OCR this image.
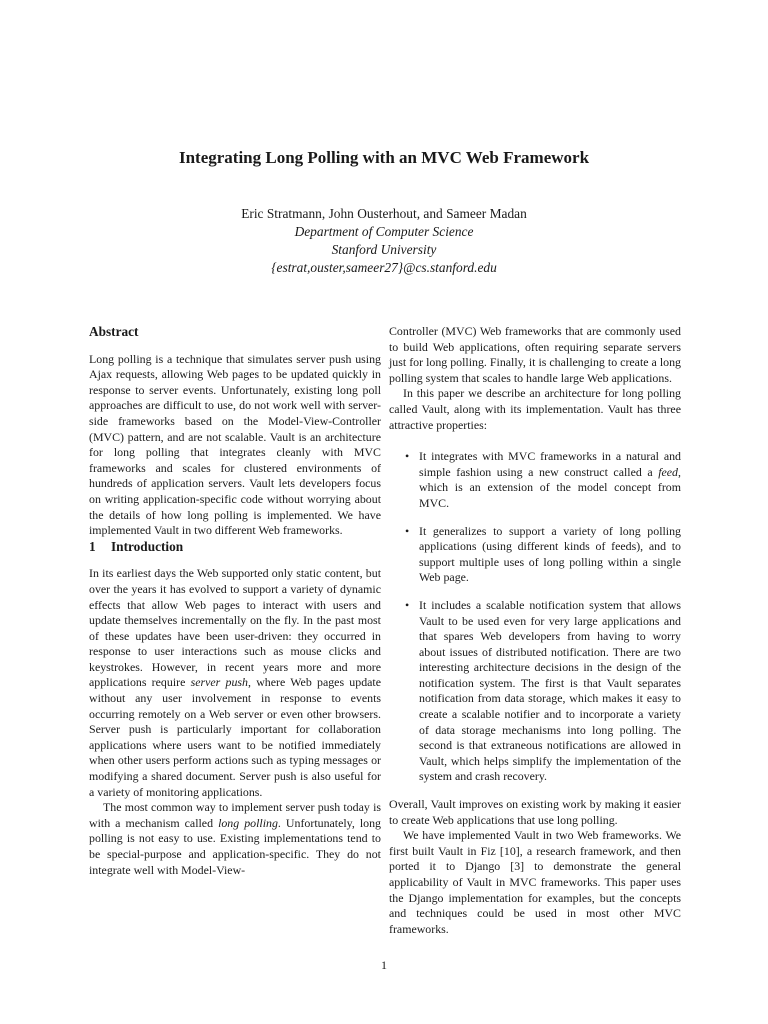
Integrating Long Polling with an MVC Web Framework
Eric Stratmann, John Ousterhout, and Sameer Madan
Department of Computer Science
Stanford University
{estrat,ouster,sameer27}@cs.stanford.edu
Abstract

Long polling is a technique that simulates server push using Ajax requests, allowing Web pages to be updated quickly in response to server events. Unfortunately, existing long poll approaches are difficult to use, do not work well with server-side frameworks based on the Model-View-Controller (MVC) pattern, and are not scalable. Vault is an architecture for long polling that integrates cleanly with MVC frameworks and scales for clustered environments of hundreds of application servers. Vault lets developers focus on writing application-specific code without worrying about the details of how long polling is implemented. We have implemented Vault in two different Web frameworks.

1 Introduction

In its earliest days the Web supported only static content, but over the years it has evolved to support a variety of dynamic effects that allow Web pages to interact with users and update themselves incrementally on the fly. In the past most of these updates have been user-driven: they occurred in response to user interactions such as mouse clicks and keystrokes. However, in recent years more and more applications require server push, where Web pages update without any user involvement in response to events occurring remotely on a Web server or even other browsers. Server push is particularly important for collaboration applications where users want to be notified immediately when other users perform actions such as typing messages or modifying a shared document. Server push is also useful for a variety of monitoring applications.

The most common way to implement server push today is with a mechanism called long polling. Unfortunately, long polling is not easy to use. Existing implementations tend to be special-purpose and application-specific. They do not integrate well with Model-View-

Controller (MVC) Web frameworks that are commonly used to build Web applications, often requiring separate servers just for long polling. Finally, it is challenging to create a long polling system that scales to handle large Web applications.

In this paper we describe an architecture for long polling called Vault, along with its implementation. Vault has three attractive properties:

• It integrates with MVC frameworks in a natural and simple fashion using a new construct called a feed, which is an extension of the model concept from MVC.
• It generalizes to support a variety of long polling applications (using different kinds of feeds), and to support multiple uses of long polling within a single Web page.
• It includes a scalable notification system that allows Vault to be used even for very large applications and that spares Web developers from having to worry about issues of distributed notification. There are two interesting architecture decisions in the design of the notification system. The first is that Vault separates notification from data storage, which makes it easy to create a scalable notifier and to incorporate a variety of data storage mechanisms into long polling. The second is that extraneous notifications are allowed in Vault, which helps simplify the implementation of the system and crash recovery.

Overall, Vault improves on existing work by making it easier to create Web applications that use long polling.

We have implemented Vault in two Web frameworks. We first built Vault in Fiz [10], a research framework, and then ported it to Django [3] to demonstrate the general applicability of Vault in MVC frameworks. This paper uses the Django implementation for examples, but the concepts and techniques could be used in most other MVC frameworks.

1
